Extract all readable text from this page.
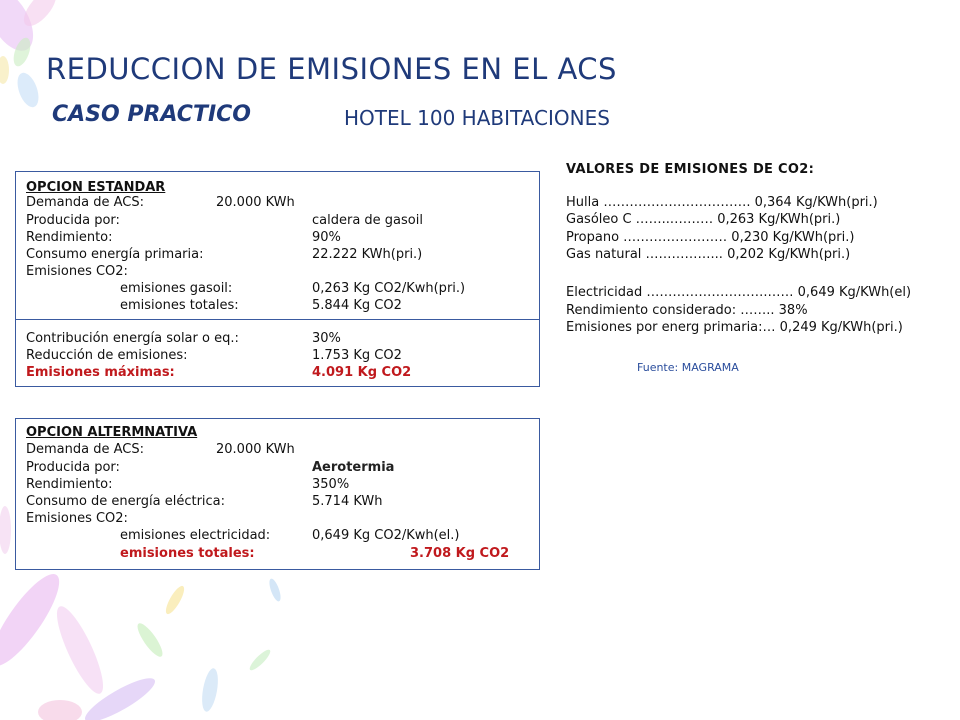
REDUCCION DE EMISIONES EN EL ACS
CASO PRACTICO	HOTEL 100 HABITACIONES
OPCION ESTANDAR
Demanda de ACS:	20.000 KWh
Producida por:	caldera de gasoil
Rendimiento:	90%
Consumo energía primaria:	22.222 KWh(pri.)
Emisiones CO2:
emisiones gasoil:	0,263 Kg CO2/Kwh(pri.)
emisiones totales:	5.844 Kg CO2
Contribución energía solar o eq.:	30%
Reducción de emisiones:	1.753 Kg CO2
Emisiones máximas:	4.091 Kg CO2
OPCION ALTERMNATIVA
Demanda de ACS:	20.000 KWh
Producida por:	Aerotermia
Rendimiento:	350%
Consumo de energía eléctrica:	5.714 KWh
Emisiones CO2:
emisiones electricidad:	0,649 Kg CO2/Kwh(el.)
emisiones totales:	3.708 Kg CO2
VALORES DE EMISIONES DE CO2:
Hulla ……………………………. 0,364 Kg/KWh(pri.)
Gasóleo C ……...……… 0,263 Kg/KWh(pri.)
Propano …………………… 0,230 Kg/KWh(pri.)
Gas natural ……………... 0,202 Kg/KWh(pri.)
Electricidad ……………………….…… 0,649 Kg/KWh(el)
Rendimiento considerado: …….. 38%
Emisiones por energ primaria:… 0,249 Kg/KWh(pri.)
Fuente: MAGRAMA
